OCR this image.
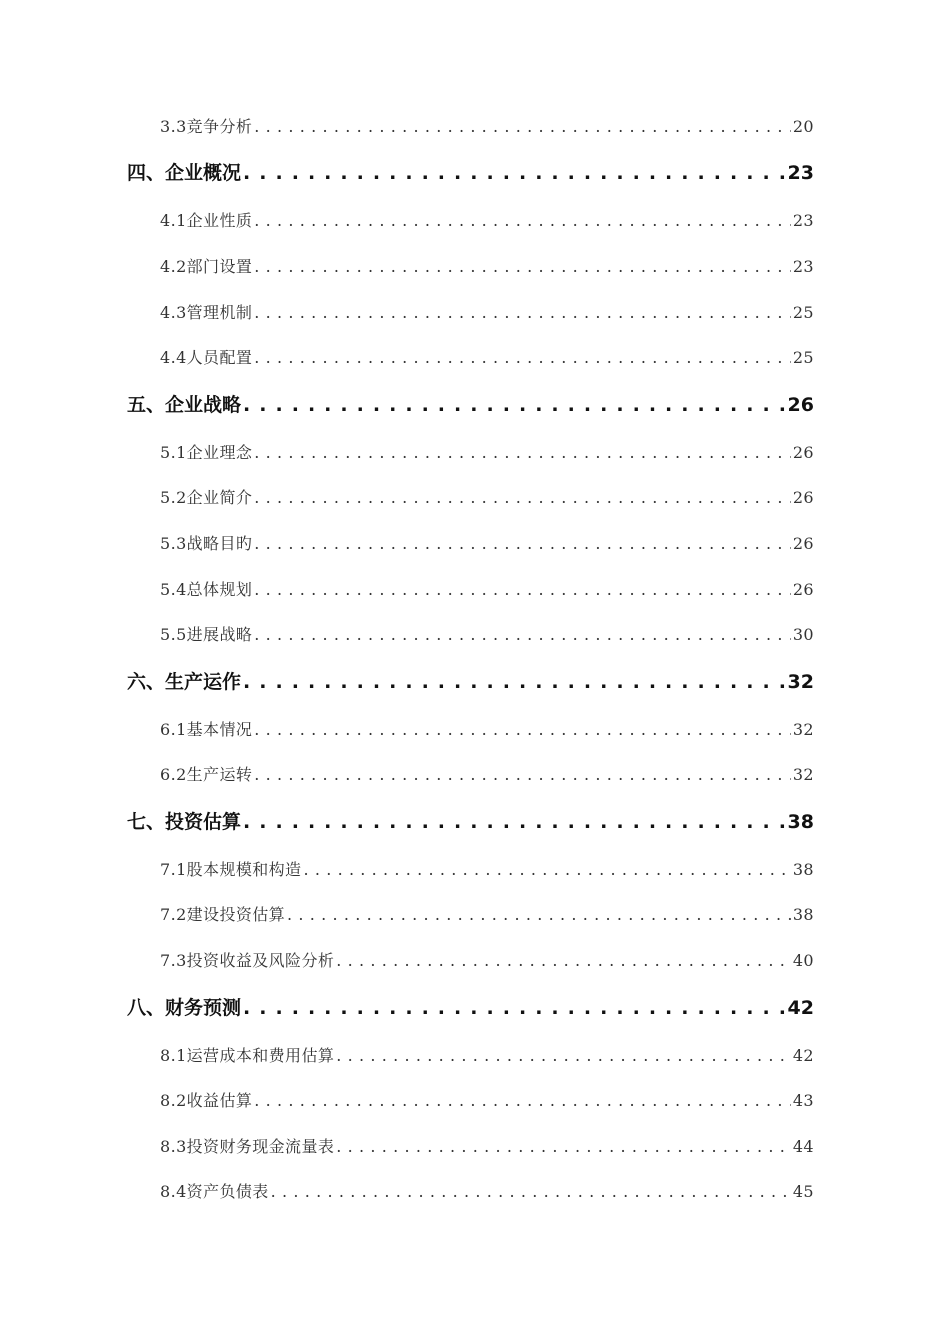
3.3竞争分析 . . .	20
四、企业概况 . . .	23
4.1企业性质 . . .	23
4.2部门设置 . . .	23
4.3管理机制 . . .	25
4.4人员配置 . . .	25
五、企业战略 . . .	26
5.1企业理念 . . .	26
5.2企业简介 . . .	26
5.3战略目旳 . . .	26
5.4总体规划 . . .	26
5.5进展战略 . . .	30
六、生产运作 . . .	32
6.1基本情况 . . .	32
6.2生产运转 . . .	32
七、投资估算 . . .	38
7.1股本规模和构造 . . .	38
7.2建设投资估算 . . .	38
7.3投资收益及风险分析 . . .	40
八、财务预测 . . .	42
8.1运营成本和费用估算 . . .	42
8.2收益估算 . . .	43
8.3投资财务现金流量表 . . .	44
8.4资产负债表 . . .	45
